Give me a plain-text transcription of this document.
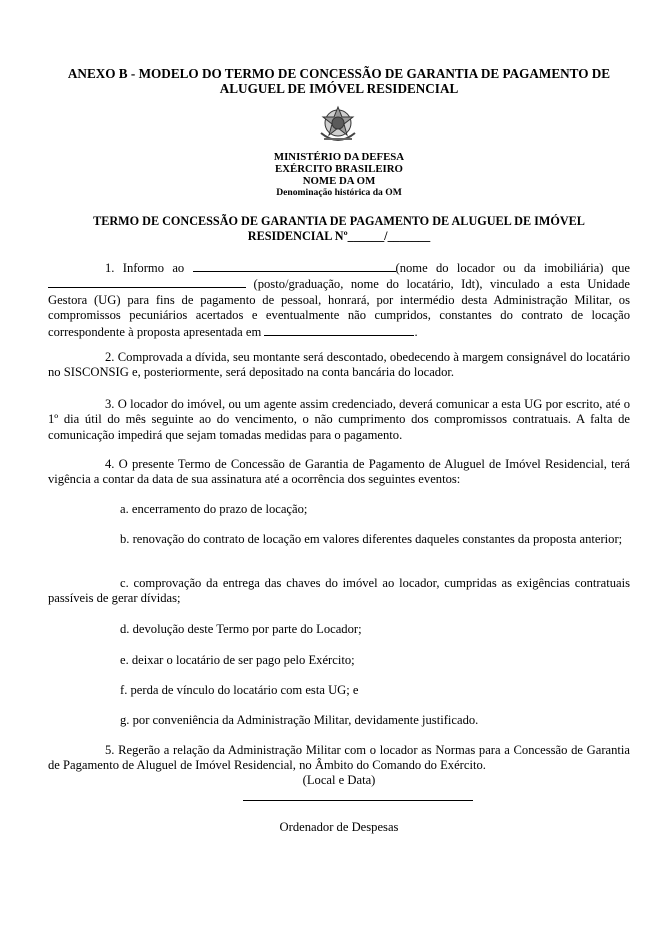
ANEXO B - MODELO DO TERMO DE CONCESSÃO DE GARANTIA DE PAGAMENTO DE
ALUGUEL DE IMÓVEL RESIDENCIAL
MINISTÉRIO DA DEFESA
EXÉRCITO BRASILEIRO
NOME DA OM
Denominação histórica da OM
TERMO DE CONCESSÃO DE GARANTIA DE PAGAMENTO DE ALUGUEL DE IMÓVEL
RESIDENCIAL Nº______/_______
1. Informo ao	(nome do locador ou da imobiliária) que  (posto/graduação, nome do locatário, Idt), vinculado a esta Unidade Gestora (UG) para fins de pagamento de pessoal, honrará, por intermédio desta Administração Militar, os compromissos pecuniários acertados e eventualmente não cumpridos, constantes do contrato de locação correspondente à proposta apresentada em	.
2. Comprovada a dívida, seu montante será descontado, obedecendo à margem consignável do locatário no SISCONSIG e, posteriormente, será depositado na conta bancária do locador.
3. O locador do imóvel, ou um agente assim credenciado, deverá comunicar a esta UG por escrito, até o 1º dia útil do mês seguinte ao do vencimento, o não cumprimento dos compromissos contratuais. A falta de comunicação impedirá que sejam tomadas medidas para o pagamento.
4. O presente Termo de Concessão de Garantia de Pagamento de Aluguel de Imóvel Residencial, terá vigência a contar da data de sua assinatura até a ocorrência dos seguintes eventos:
a. encerramento do prazo de locação;
b. renovação do contrato de locação em valores diferentes daqueles constantes da proposta anterior;
c. comprovação da entrega das chaves do imóvel ao locador, cumpridas as exigências contratuais passíveis de gerar dívidas;
d. devolução deste Termo por parte do Locador;
e. deixar o locatário de ser pago pelo Exército;
f. perda de vínculo do locatário com esta UG; e
g. por conveniência da Administração Militar, devidamente justificado.
5. Regerão a relação da Administração Militar com o locador as Normas para a Concessão de Garantia de Pagamento de Aluguel de Imóvel Residencial, no Âmbito do Comando do Exército.
(Local e Data)
Ordenador de Despesas
